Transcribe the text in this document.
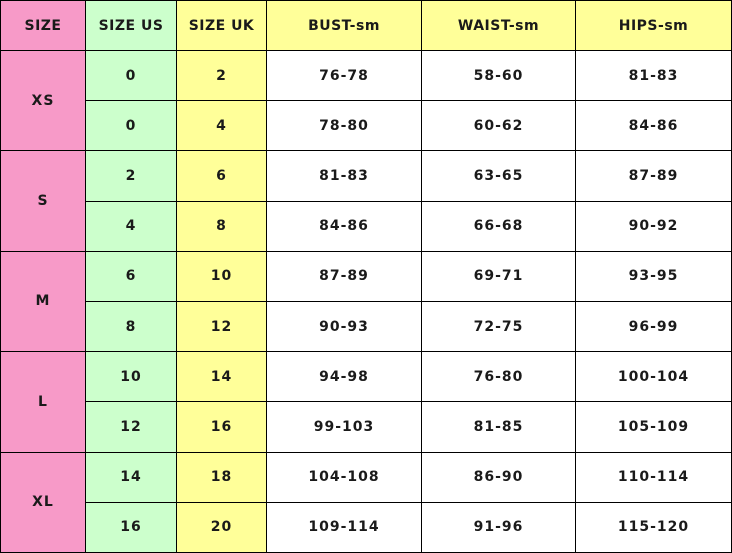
SIZE	SIZE US	SIZE UK	BUST-sm	WAIST-sm	HIPS-sm
XS	0	2	76-78	58-60	81-83
	0	4	78-80	60-62	84-86
S	2	6	81-83	63-65	87-89
	4	8	84-86	66-68	90-92
M	6	10	87-89	69-71	93-95
	8	12	90-93	72-75	96-99
L	10	14	94-98	76-80	100-104
	12	16	99-103	81-85	105-109
XL	14	18	104-108	86-90	110-114
	16	20	109-114	91-96	115-120
